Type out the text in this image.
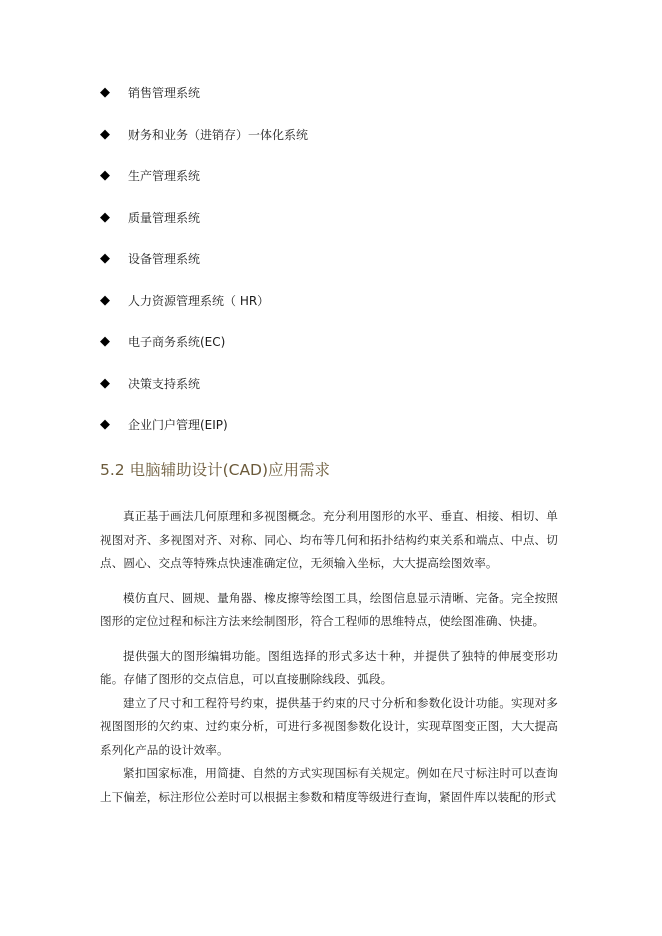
◆	销售管理系统
◆	财务和业务（进销存）一体化系统
◆	生产管理系统
◆	质量管理系统
◆	设备管理系统
◆	人力资源管理系统（ HR）
◆	电子商务系统(EC)
◆	决策支持系统
◆	企业门户管理(EIP)
5.2 电脑辅助设计(CAD)应用需求

真正基于画法几何原理和多视图概念。充分利用图形的水平、垂直、相接、相切、单视图对齐、多视图对齐、对称、同心、均布等几何和拓扑结构约束关系和端点、中点、切点、圆心、交点等特殊点快速准确定位，无须输入坐标，大大提高绘图效率。

模仿直尺、圆规、量角器、橡皮擦等绘图工具，绘图信息显示清晰、完备。完全按照图形的定位过程和标注方法来绘制图形，符合工程师的思维特点，使绘图准确、快捷。

提供强大的图形编辑功能。图组选择的形式多达十种，并提供了独特的伸展变形功能。存储了图形的交点信息，可以直接删除线段、弧段。

建立了尺寸和工程符号约束，提供基于约束的尺寸分析和参数化设计功能。实现对多视图图形的欠约束、过约束分析，可进行多视图参数化设计，实现草图变正图，大大提高系列化产品的设计效率。

紧扣国家标准，用简捷、自然的方式实现国标有关规定。例如在尺寸标注时可以查询上下偏差，标注形位公差时可以根据主参数和精度等级进行查询，紧固件库以装配的形式
